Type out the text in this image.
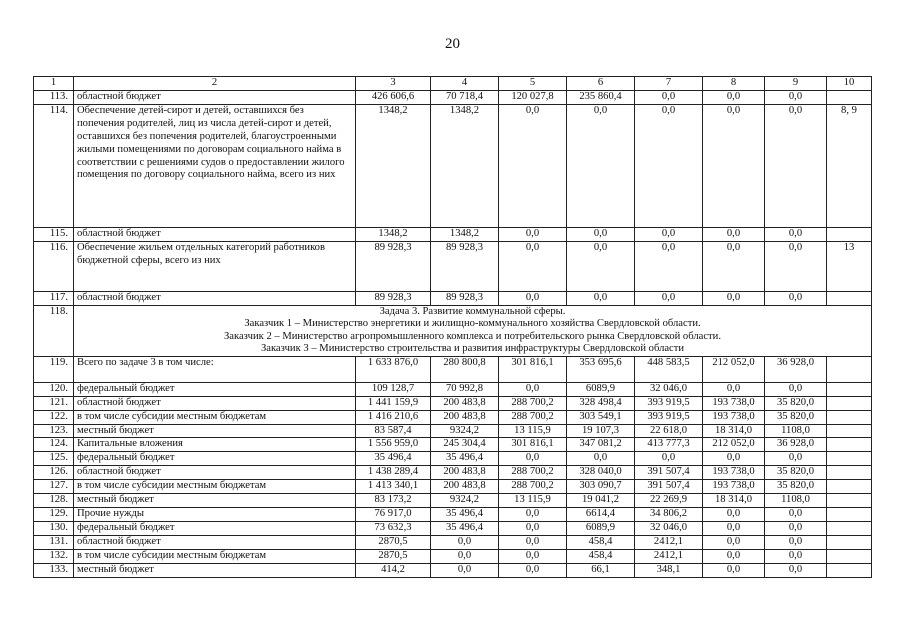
20
1	2	3	4	5	6	7	8	9	10
113.	областной бюджет	426 606,6	70 718,4	120 027,8	235 860,4	0,0	0,0	0,0	
114.	Обеспечение детей-сирот и детей, оставшихся без попечения родителей, лиц из числа детей-сирот и детей, оставшихся без попечения родителей, благоустроенными жилыми помещениями по договорам социального найма в соответствии с решениями судов о предоставлении жилого помещения по договору социального найма, всего из них	1348,2	1348,2	0,0	0,0	0,0	0,0	0,0	8, 9
115.	областной бюджет	1348,2	1348,2	0,0	0,0	0,0	0,0	0,0	
116.	Обеспечение жильем отдельных категорий работников бюджетной сферы, всего из них	89 928,3	89 928,3	0,0	0,0	0,0	0,0	0,0	13
117.	областной бюджет	89 928,3	89 928,3	0,0	0,0	0,0	0,0	0,0	
118.	Задача 3. Развитие коммунальной сферы.
Заказчик 1 – Министерство энергетики и жилищно-коммунального хозяйства Свердловской области.
Заказчик 2 – Министерство агропромышленного комплекса и потребительского рынка Свердловской области.
Заказчик 3 – Министерство строительства и развития инфраструктуры Свердловской области								

119.	Всего по задаче 3 в том числе:	1 633 876,0	280 800,8	301 816,1	353 695,6	448 583,5	212 052,0	36 928,0	
120.	федеральный бюджет	109 128,7	70 992,8	0,0	6089,9	32 046,0	0,0	0,0	
121.	областной бюджет	1 441 159,9	200 483,8	288 700,2	328 498,4	393 919,5	193 738,0	35 820,0	
122.	в том числе субсидии местным бюджетам	1 416 210,6	200 483,8	288 700,2	303 549,1	393 919,5	193 738,0	35 820,0	
123.	местный бюджет	83 587,4	9324,2	13 115,9	19 107,3	22 618,0	18 314,0	1108,0	
124.	Капитальные вложения	1 556 959,0	245 304,4	301 816,1	347 081,2	413 777,3	212 052,0	36 928,0	
125.	федеральный бюджет	35 496,4	35 496,4	0,0	0,0	0,0	0,0	0,0	
126.	областной бюджет	1 438 289,4	200 483,8	288 700,2	328 040,0	391 507,4	193 738,0	35 820,0	
127.	в том числе субсидии местным бюджетам	1 413 340,1	200 483,8	288 700,2	303 090,7	391 507,4	193 738,0	35 820,0	
128.	местный бюджет	83 173,2	9324,2	13 115,9	19 041,2	22 269,9	18 314,0	1108,0	
129.	Прочие нужды	76 917,0	35 496,4	0,0	6614,4	34 806,2	0,0	0,0	
130.	федеральный бюджет	73 632,3	35 496,4	0,0	6089,9	32 046,0	0,0	0,0	
131.	областной бюджет	2870,5	0,0	0,0	458,4	2412,1	0,0	0,0	
132.	в том числе субсидии местным бюджетам	2870,5	0,0	0,0	458,4	2412,1	0,0	0,0	
133.	местный бюджет	414,2	0,0	0,0	66,1	348,1	0,0	0,0	
